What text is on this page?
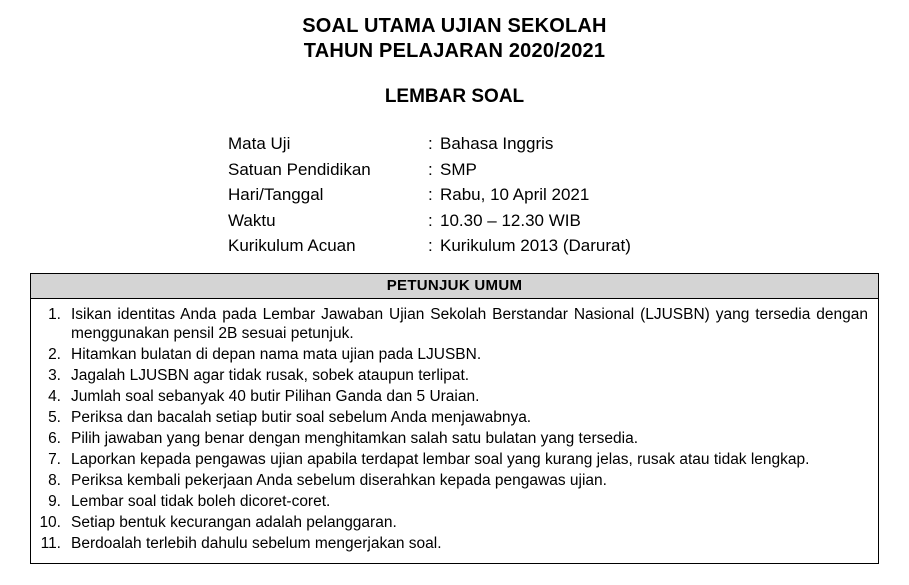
SOAL UTAMA UJIAN SEKOLAH
TAHUN PELAJARAN 2020/2021
LEMBAR SOAL
Mata Uji	: Bahasa Inggris
Satuan Pendidikan	: SMP
Hari/Tanggal	: Rabu, 10 April 2021
Waktu	: 10.30 – 12.30 WIB
Kurikulum Acuan	: Kurikulum 2013 (Darurat)
PETUNJUK UMUM
1. Isikan identitas Anda pada Lembar Jawaban Ujian Sekolah Berstandar Nasional (LJUSBN) yang tersedia dengan menggunakan pensil 2B sesuai petunjuk.
2. Hitamkan bulatan di depan nama mata ujian pada LJUSBN.
3. Jagalah LJUSBN agar tidak rusak, sobek ataupun terlipat.
4. Jumlah soal sebanyak 40 butir Pilihan Ganda dan 5 Uraian.
5. Periksa dan bacalah setiap butir soal sebelum Anda menjawabnya.
6. Pilih jawaban yang benar dengan menghitamkan salah satu bulatan yang tersedia.
7. Laporkan kepada pengawas ujian apabila terdapat lembar soal yang kurang jelas, rusak atau tidak lengkap.
8. Periksa kembali pekerjaan Anda sebelum diserahkan kepada pengawas ujian.
9. Lembar soal tidak boleh dicoret-coret.
10. Setiap bentuk kecurangan adalah pelanggaran.
11. Berdoalah terlebih dahulu sebelum mengerjakan soal.
